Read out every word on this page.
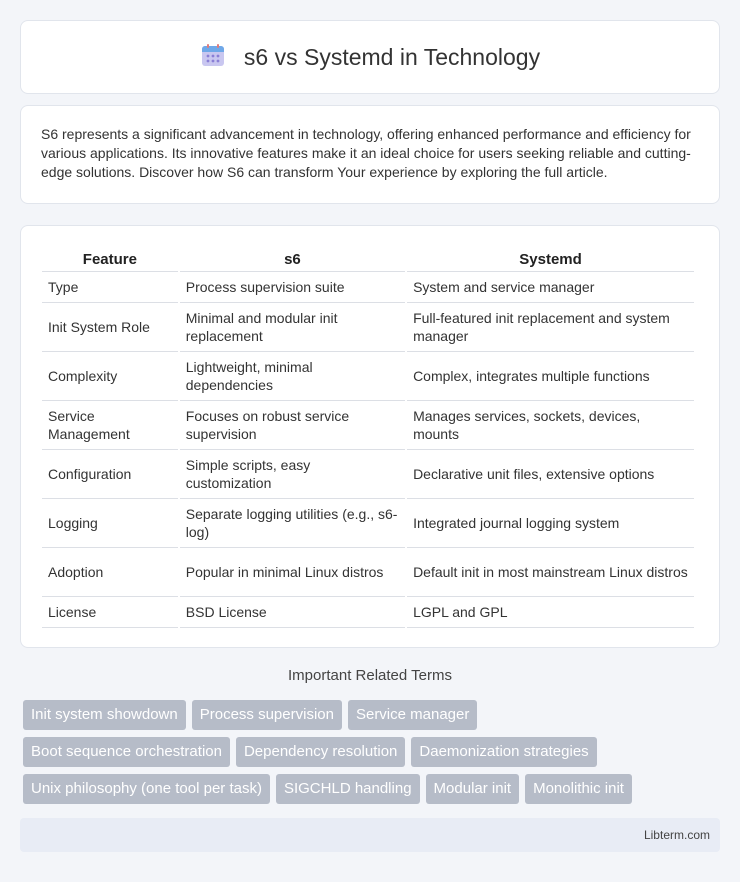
s6 vs Systemd in Technology

S6 represents a significant advancement in technology, offering enhanced performance and efficiency for various applications. Its innovative features make it an ideal choice for users seeking reliable and cutting-edge solutions. Discover how S6 can transform Your experience by exploring the full article.

Feature	s6	Systemd
Type	Process supervision suite	System and service manager
Init System Role	Minimal and modular init replacement	Full-featured init replacement and system manager
Complexity	Lightweight, minimal dependencies	Complex, integrates multiple functions
Service Management	Focuses on robust service supervision	Manages services, sockets, devices, mounts
Configuration	Simple scripts, easy customization	Declarative unit files, extensive options
Logging	Separate logging utilities (e.g., s6-log)	Integrated journal logging system
Adoption	Popular in minimal Linux distros	Default init in most mainstream Linux distros
License	BSD License	LGPL and GPL
Important Related Terms
Init system showdown	Process supervision	Service manager
Boot sequence orchestration	Dependency resolution	Daemonization strategies
Unix philosophy (one tool per task)	SIGCHLD handling	Modular init	Monolithic init
Libterm.com
